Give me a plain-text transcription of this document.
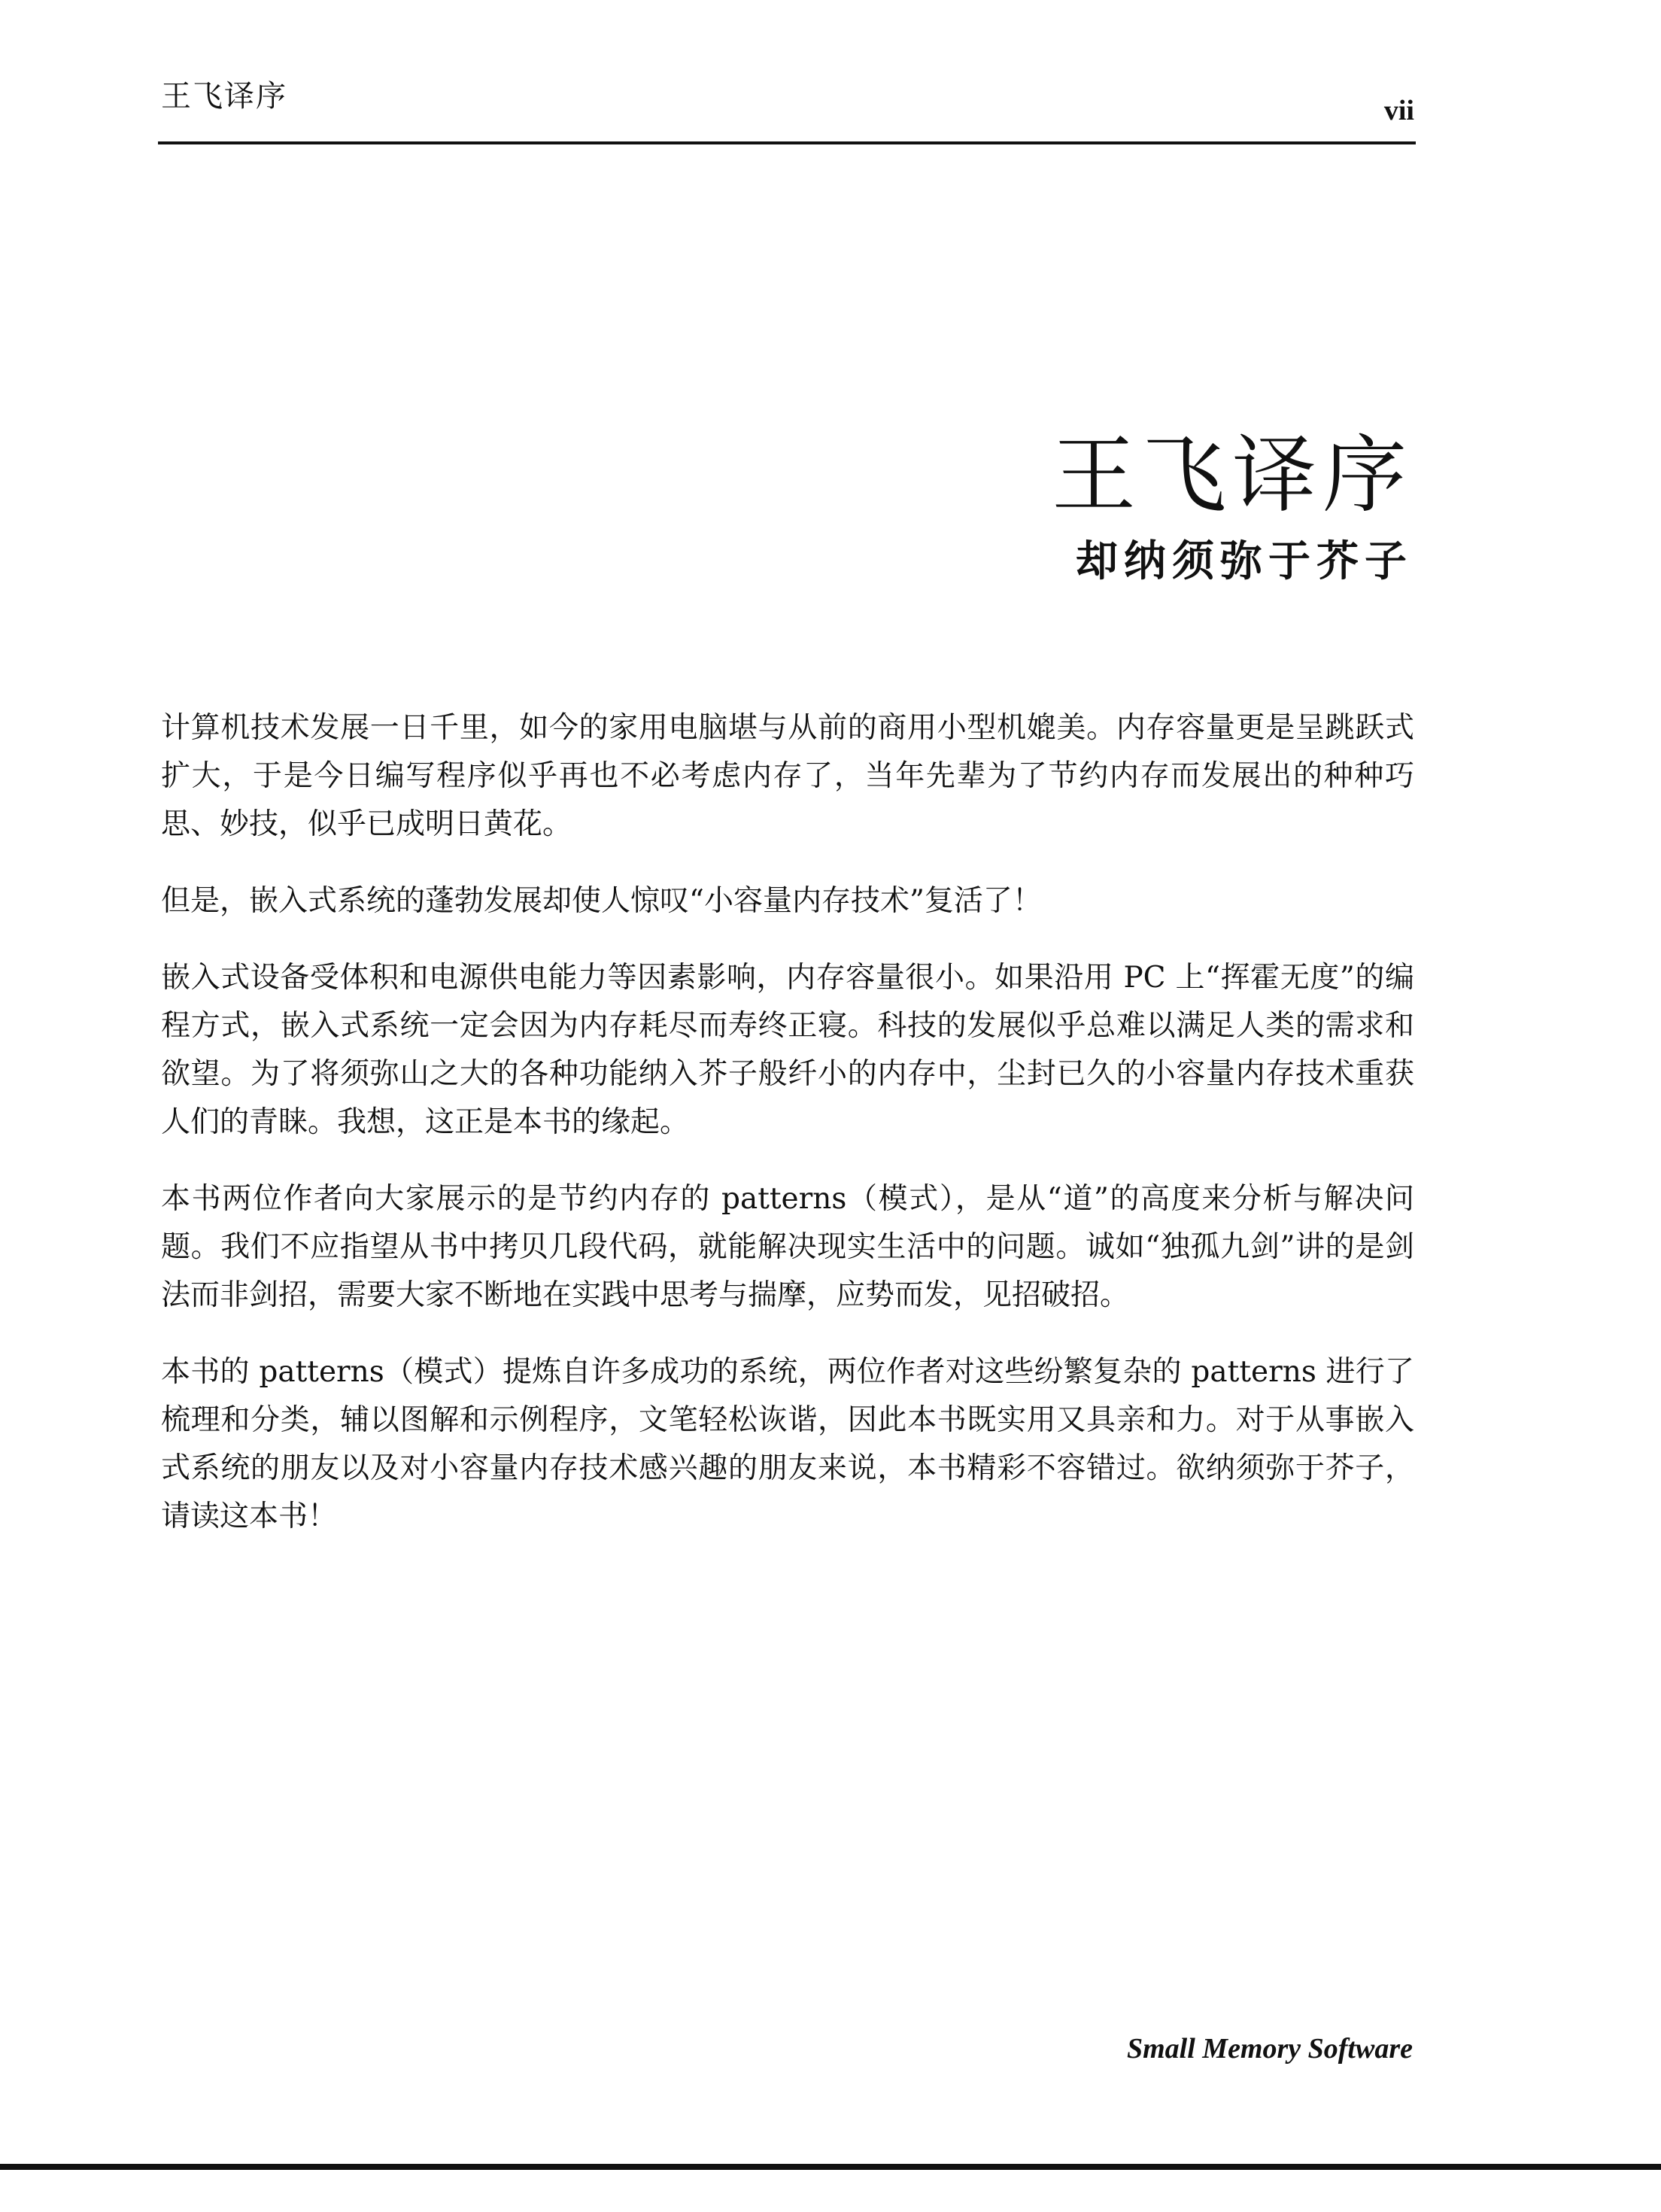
王飞译序	vii
王飞译序
却纳须弥于芥子

计算机技术发展一日千里，如今的家用电脑堪与从前的商用小型机媲美。内存容量更是呈跳跃式扩大，于是今日编写程序似乎再也不必考虑内存了，当年先辈为了节约内存而发展出的种种巧思、妙技，似乎已成明日黄花。

但是，嵌入式系统的蓬勃发展却使人惊叹“小容量内存技术”复活了！

嵌入式设备受体积和电源供电能力等因素影响，内存容量很小。如果沿用 PC 上“挥霍无度”的编程方式，嵌入式系统一定会因为内存耗尽而寿终正寝。科技的发展似乎总难以满足人类的需求和欲望。为了将须弥山之大的各种功能纳入芥子般纤小的内存中，尘封已久的小容量内存技术重获人们的青睐。我想，这正是本书的缘起。

本书两位作者向大家展示的是节约内存的 patterns（模式），是从“道”的高度来分析与解决问题。我们不应指望从书中拷贝几段代码，就能解决现实生活中的问题。诚如“独孤九剑”讲的是剑法而非剑招，需要大家不断地在实践中思考与揣摩，应势而发，见招破招。

本书的 patterns（模式）提炼自许多成功的系统，两位作者对这些纷繁复杂的 patterns 进行了梳理和分类，辅以图解和示例程序，文笔轻松诙谐，因此本书既实用又具亲和力。对于从事嵌入式系统的朋友以及对小容量内存技术感兴趣的朋友来说，本书精彩不容错过。欲纳须弥于芥子，请读这本书！

Small Memory Software
